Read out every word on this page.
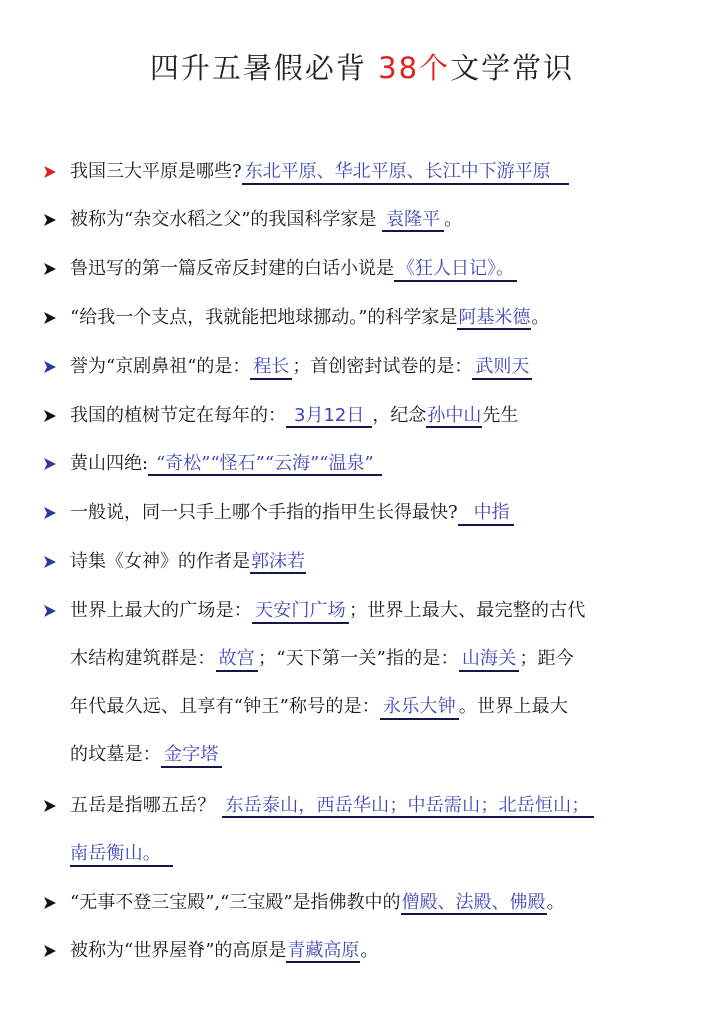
四升五暑假必背 38个文学常识
我国三大平原是哪些? 东北平原、华北平原、长江中下游平原
被称为“杂交水稻之父”的我国科学家是 袁隆平 。
鲁迅写的第一篇反帝反封建的白话小说是 《狂人日记》。
“给我一个支点，我就能把地球挪动。”的科学家是阿基米德。
誉为“京剧鼻祖“的是： 程长 ；首创密封试卷的是： 武则天
我国的植树节定在每年的： 3月12日 ，纪念孙中山先生
黄山四绝: “奇松”“怪石”“云海”“温泉”
一般说，同一只手上哪个手指的指甲生长得最快? 中指
诗集《女神》的作者是郭沫若
世界上最大的广场是： 天安门广场 ；世界上最大、最完整的古代
木结构建筑群是： 故宫 ；“天下第一关”指的是： 山海关 ；距今
年代最久远、且享有“钟王”称号的是： 永乐大钟 。世界上最大
的坟墓是： 金字塔
五岳是指哪五岳？ 东岳泰山，西岳华山；中岳需山；北岳恒山；
南岳衡山。
“无事不登三宝殿”,“三宝殿”是指佛教中的僧殿、法殿、佛殿。
被称为“世界屋脊”的高原是青藏高原。
